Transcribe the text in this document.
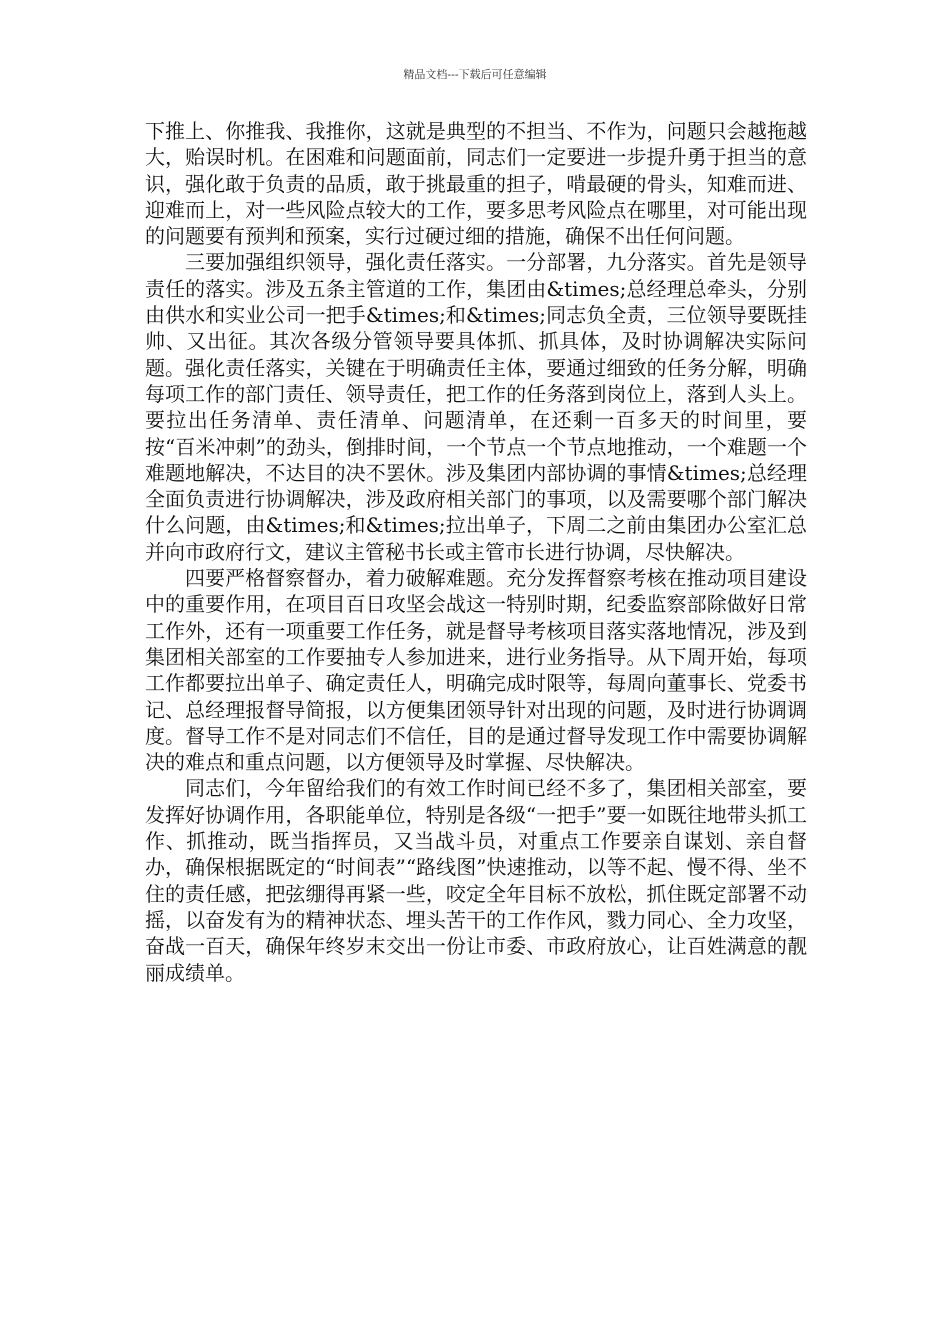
精品文档---下载后可任意编辑

下推上、你推我、我推你，这就是典型的不担当、不作为，问题只会越拖越大，贻误时机。在困难和问题面前，同志们一定要进一步提升勇于担当的意识，强化敢于负责的品质，敢于挑最重的担子，啃最硬的骨头，知难而进、迎难而上，对一些风险点较大的工作，要多思考风险点在哪里，对可能出现的问题要有预判和预案，实行过硬过细的措施，确保不出任何问题。

三要加强组织领导，强化责任落实。一分部署，九分落实。首先是领导责任的落实。涉及五条主管道的工作，集团由&times;总经理总牵头，分别由供水和实业公司一把手&times;和&times;同志负全责，三位领导要既挂帅、又出征。其次各级分管领导要具体抓、抓具体，及时协调解决实际问题。强化责任落实，关键在于明确责任主体，要通过细致的任务分解，明确每项工作的部门责任、领导责任，把工作的任务落到岗位上，落到人头上。要拉出任务清单、责任清单、问题清单，在还剩一百多天的时间里，要按“百米冲刺”的劲头，倒排时间，一个节点一个节点地推动，一个难题一个难题地解决，不达目的决不罢休。涉及集团内部协调的事情&times;总经理全面负责进行协调解决，涉及政府相关部门的事项，以及需要哪个部门解决什么问题，由&times;和&times;拉出单子，下周二之前由集团办公室汇总并向市政府行文，建议主管秘书长或主管市长进行协调，尽快解决。

四要严格督察督办，着力破解难题。充分发挥督察考核在推动项目建设中的重要作用，在项目百日攻坚会战这一特别时期，纪委监察部除做好日常工作外，还有一项重要工作任务，就是督导考核项目落实落地情况，涉及到集团相关部室的工作要抽专人参加进来，进行业务指导。从下周开始，每项工作都要拉出单子、确定责任人，明确完成时限等，每周向董事长、党委书记、总经理报督导简报，以方便集团领导针对出现的问题，及时进行协调调度。督导工作不是对同志们不信任，目的是通过督导发现工作中需要协调解决的难点和重点问题，以方便领导及时掌握、尽快解决。

同志们，今年留给我们的有效工作时间已经不多了，集团相关部室，要发挥好协调作用，各职能单位，特别是各级“一把手”要一如既往地带头抓工作、抓推动，既当指挥员，又当战斗员，对重点工作要亲自谋划、亲自督办，确保根据既定的“时间表”“路线图”快速推动，以等不起、慢不得、坐不住的责任感，把弦绷得再紧一些，咬定全年目标不放松，抓住既定部署不动摇，以奋发有为的精神状态、埋头苦干的工作作风，戮力同心、全力攻坚，奋战一百天，确保年终岁末交出一份让市委、市政府放心，让百姓满意的靓丽成绩单。
